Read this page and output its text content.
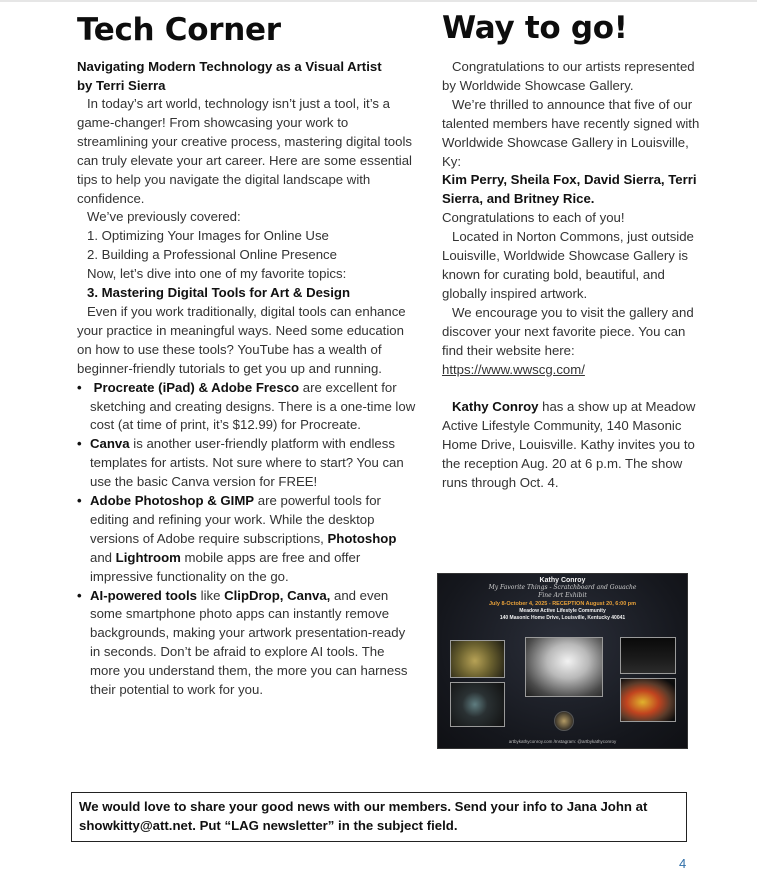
Tech Corner
Navigating Modern Technology as a Visual Artist
by Terri Sierra

In today’s art world, technology isn’t just a tool, it’s a game-changer! From showcasing your work to streamlining your creative process, mastering digital tools can truly elevate your art career. Here are some essential tips to help you navigate the digital landscape with confidence.

We’ve previously covered:

1. Optimizing Your Images for Online Use

2. Building a Professional Online Presence

Now, let’s dive into one of my favorite topics:

3. Mastering Digital Tools for Art & Design

Even if you work traditionally, digital tools can enhance your practice in meaningful ways. Need some education on how to use these tools? YouTube has a wealth of beginner-friendly tutorials to get you up and running.

• Procreate (iPad) & Adobe Fresco are excellent for sketching and creating designs. There is a one-time low cost (at time of print, it’s $12.99) for Procreate.
• Canva is another user-friendly platform with endless templates for artists. Not sure where to start? You can use the basic Canva version for FREE!
• Adobe Photoshop & GIMP are powerful tools for editing and refining your work. While the desktop versions of Adobe require subscriptions, Photoshop and Lightroom mobile apps are free and offer impressive functionality on the go.
• AI-powered tools like ClipDrop, Canva, and even some smartphone photo apps can instantly remove backgrounds, making your artwork presentation-ready in seconds. Don’t be afraid to explore AI tools. The more you understand them, the more you can harness their potential to work for you.
Way to go!

Congratulations to our artists represented by Worldwide Showcase Gallery.

We’re thrilled to announce that five of our talented members have recently signed with Worldwide Showcase Gallery in Louisville, Ky:

Kim Perry, Sheila Fox, David Sierra, Terri Sierra, and Britney Rice.

Congratulations to each of you!

Located in Norton Commons, just outside Louisville, Worldwide Showcase Gallery is known for curating bold, beautiful, and globally inspired artwork.

We encourage you to visit the gallery and discover your next favorite piece. You can find their website here: https://www.wwscg.com/

Kathy Conroy has a show up at Meadow Active Lifestyle Community, 140 Masonic Home Drive, Louisville. Kathy invites you to the reception Aug. 20 at 6 p.m. The show runs through Oct. 4.

Kathy Conroy
My Favorite Things - Scratchboard and Gouache
Fine Art Exhibit
July 8-October 4, 2025 - RECEPTION August 20, 6:00 pm
Meadow Active Lifestyle Community
140 Masonic Home Drive, Louisville, Kentucky 40041
artbykathyconroy.com /Instagram: @artbykathyconroy
We would love to share your good news with our members. Send your info to Jana John at showkitty@att.net. Put “LAG newsletter” in the subject field.
4
